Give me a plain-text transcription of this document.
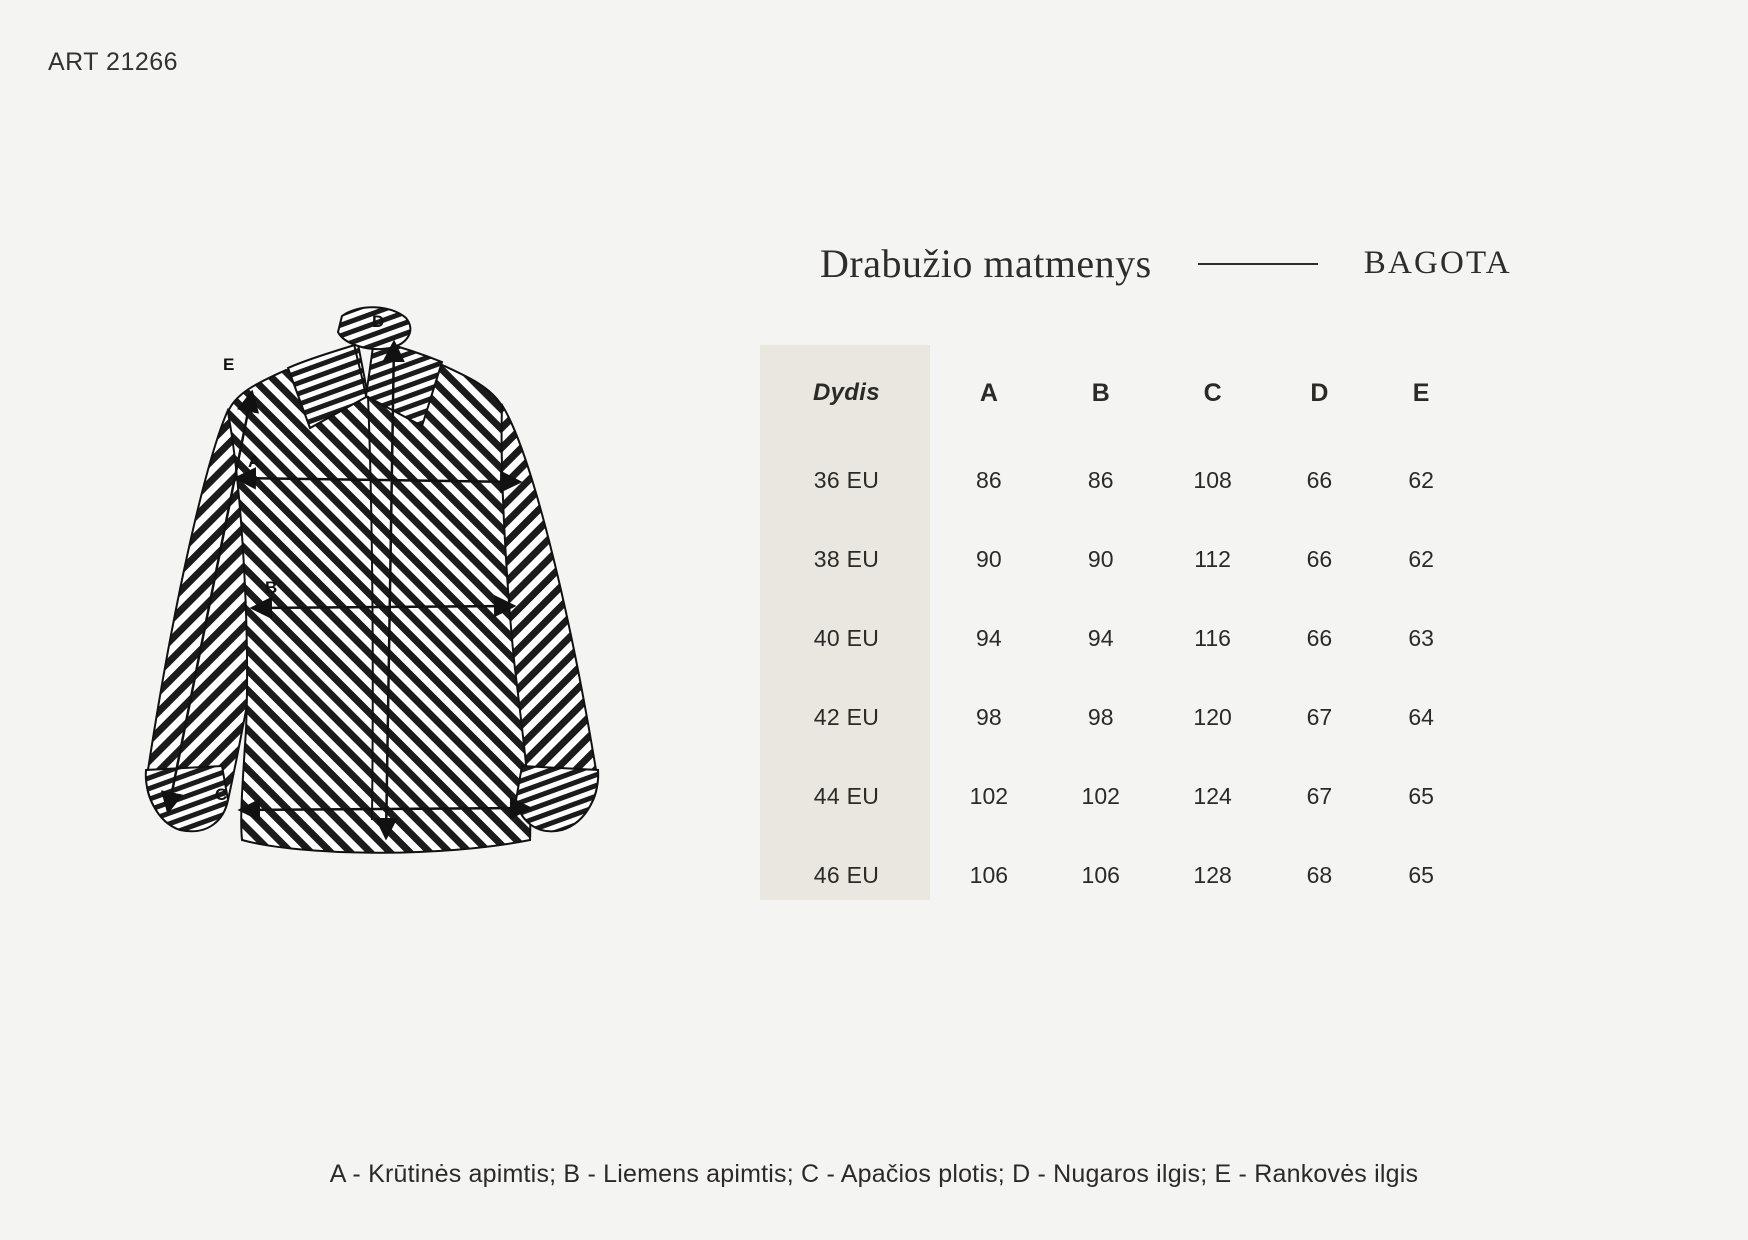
ART 21266
A
B
C
D
E
Drabužio matmenys	BAGOTA
Dydis	A	B	C	D	E
36 EU	86	86	108	66	62
38 EU	90	90	112	66	62
40 EU	94	94	116	66	63
42 EU	98	98	120	67	64
44 EU	102	102	124	67	65
46 EU	106	106	128	68	65
A - Krūtinės apimtis; B - Liemens apimtis; C - Apačios plotis; D - Nugaros ilgis; E - Rankovės ilgis
